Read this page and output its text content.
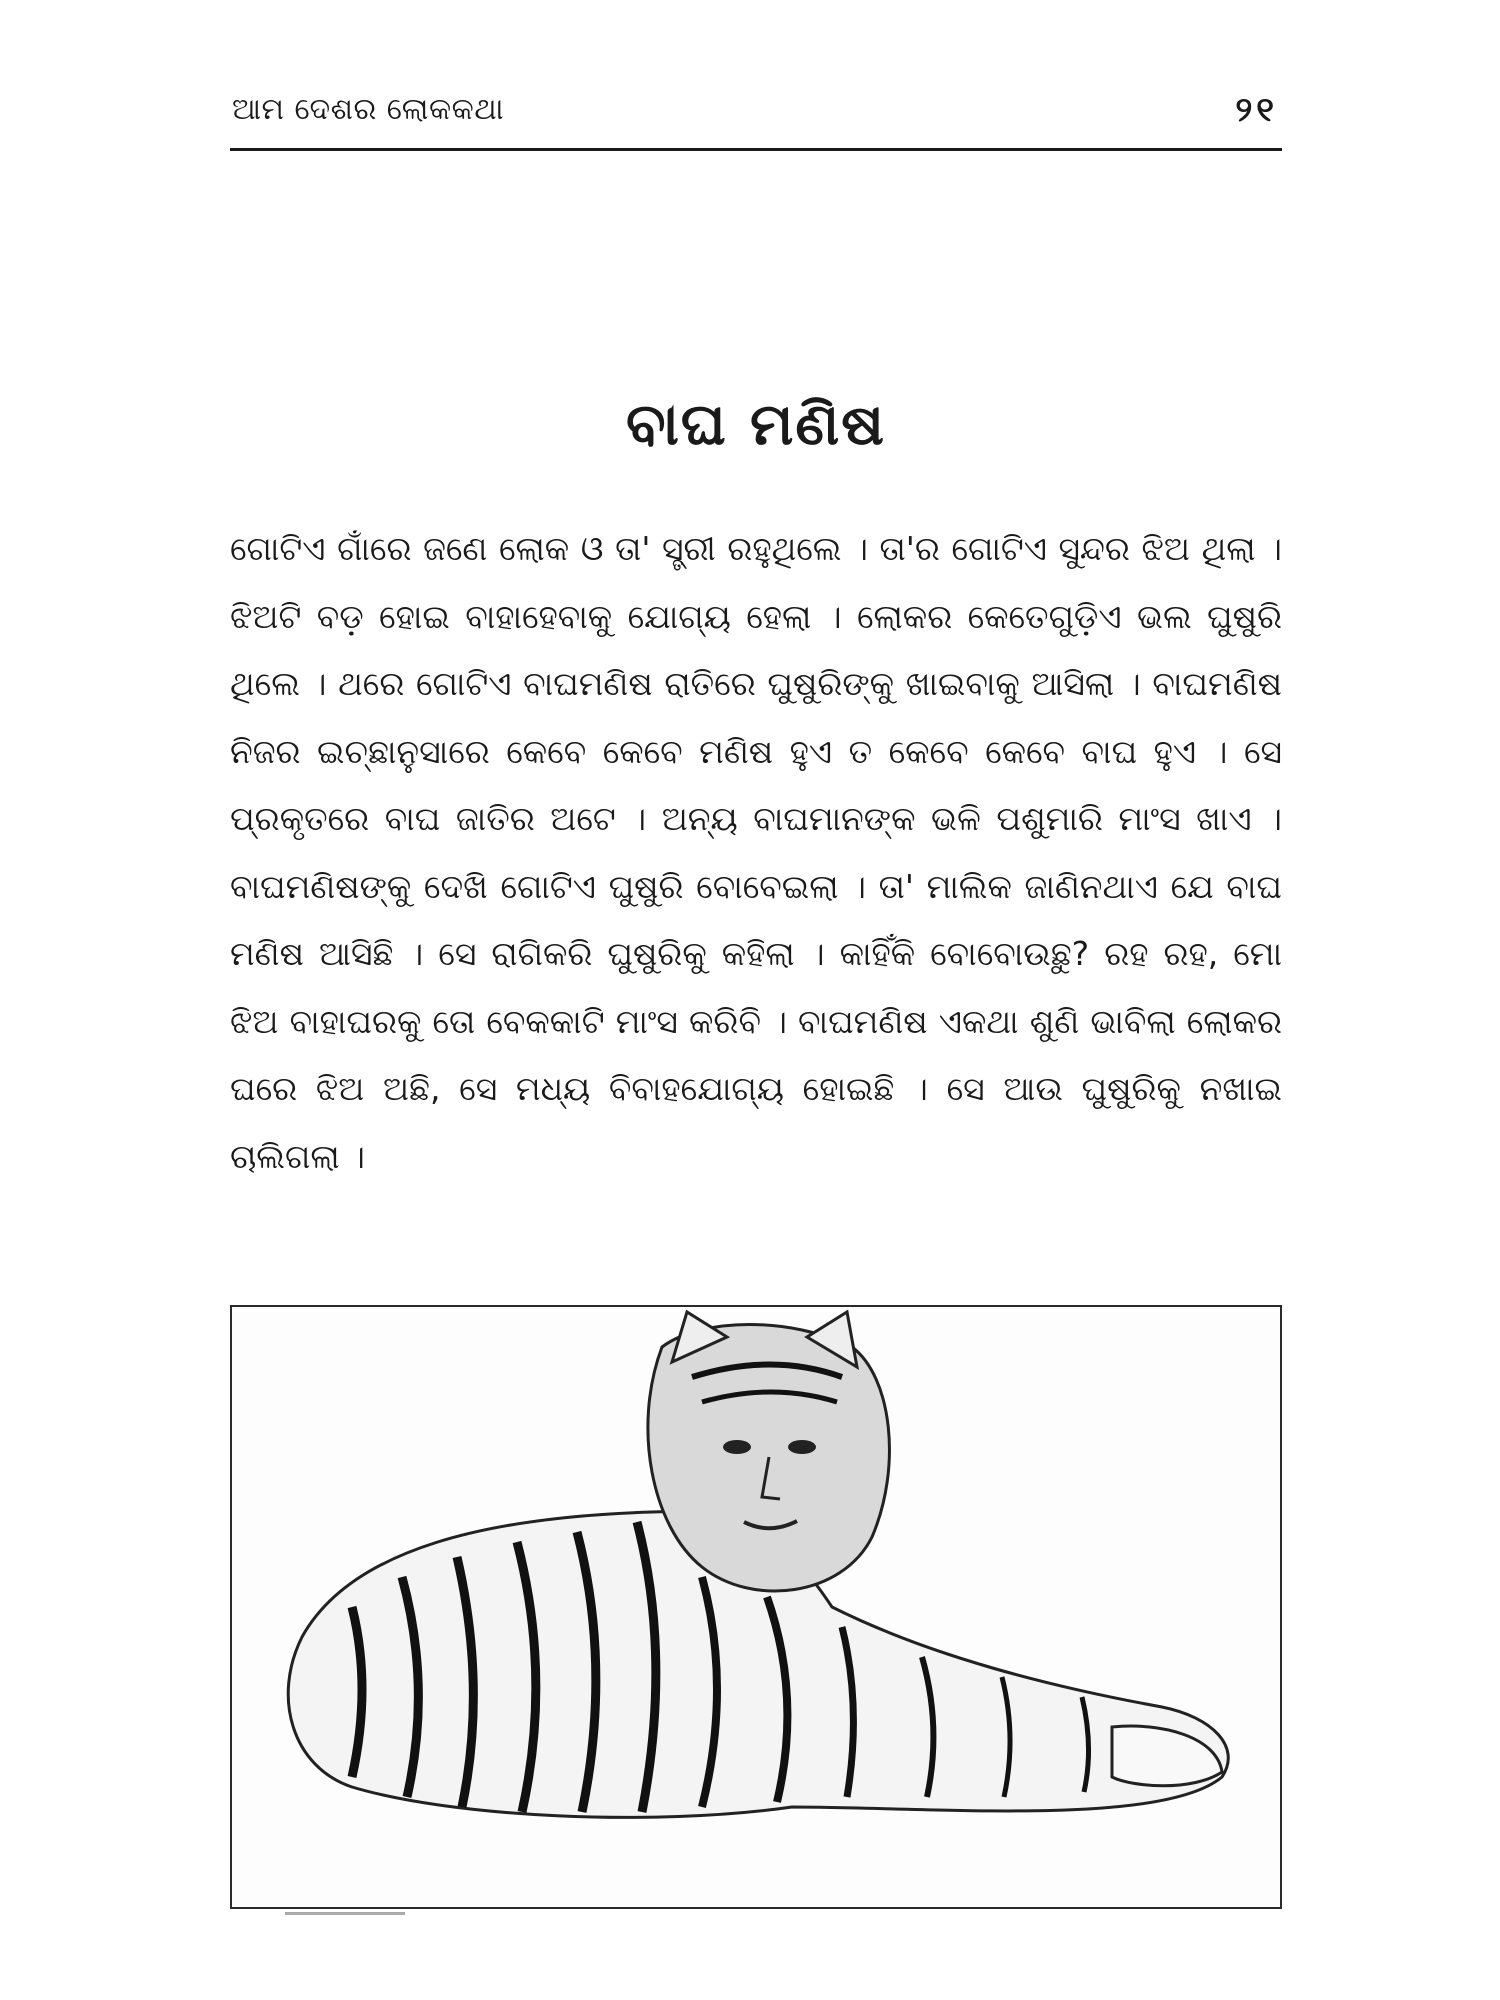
ଆମ ଦେଶର ଲୋକକଥା	୨୧
ବାଘ ମଣିଷ

ଗୋଟିଏ ଗାଁରେ ଜଣେ ଲୋକ ଓ ତା' ସ୍ତ୍ରୀ ରହୁଥିଲେ । ତା'ର ଗୋଟିଏ ସୁନ୍ଦର ଝିଅ ଥିଲା । ଝିଅଟି ବଡ଼ ହୋଇ ବାହାହେବାକୁ ଯୋଗ୍ୟ ହେଲା । ଲୋକର କେତେଗୁଡ଼ିଏ ଭଲ ଘୁଷୁରି ଥିଲେ । ଥରେ ଗୋଟିଏ ବାଘମଣିଷ ରାତିରେ ଘୁଷୁରିଙ୍କୁ ଖାଇବାକୁ ଆସିଲା । ବାଘମଣିଷ ନିଜର ଇଚ୍ଛାନୁସାରେ କେବେ କେବେ ମଣିଷ ହୁଏ ତ କେବେ କେବେ ବାଘ ହୁଏ । ସେ ପ୍ରକୃତରେ ବାଘ ଜାତିର ଅଟେ । ଅନ୍ୟ ବାଘମାନଙ୍କ ଭଳି ପଶୁମାରି ମାଂସ ଖାଏ । ବାଘମଣିଷଙ୍କୁ ଦେଖି ଗୋଟିଏ ଘୁଷୁରି ବୋବେଇଲା । ତା' ମାଲିକ ଜାଣିନଥାଏ ଯେ ବାଘ ମଣିଷ ଆସିଛି । ସେ ରାଗିକରି ଘୁଷୁରିକୁ କହିଲା । କାହିଁକି ବୋବୋଉଛୁ? ରହ ରହ, ମୋ ଝିଅ ବାହାଘରକୁ ତୋ ବେକକାଟି ମାଂସ କରିବି । ବାଘମଣିଷ ଏକଥା ଶୁଣି ଭାବିଲା ଲୋକର ଘରେ ଝିଅ ଅଛି, ସେ ମଧ୍ୟ ବିବାହଯୋଗ୍ୟ ହୋଇଛି । ସେ ଆଉ ଘୁଷୁରିକୁ ନଖାଇ ଚାଲିଗଲା ।
